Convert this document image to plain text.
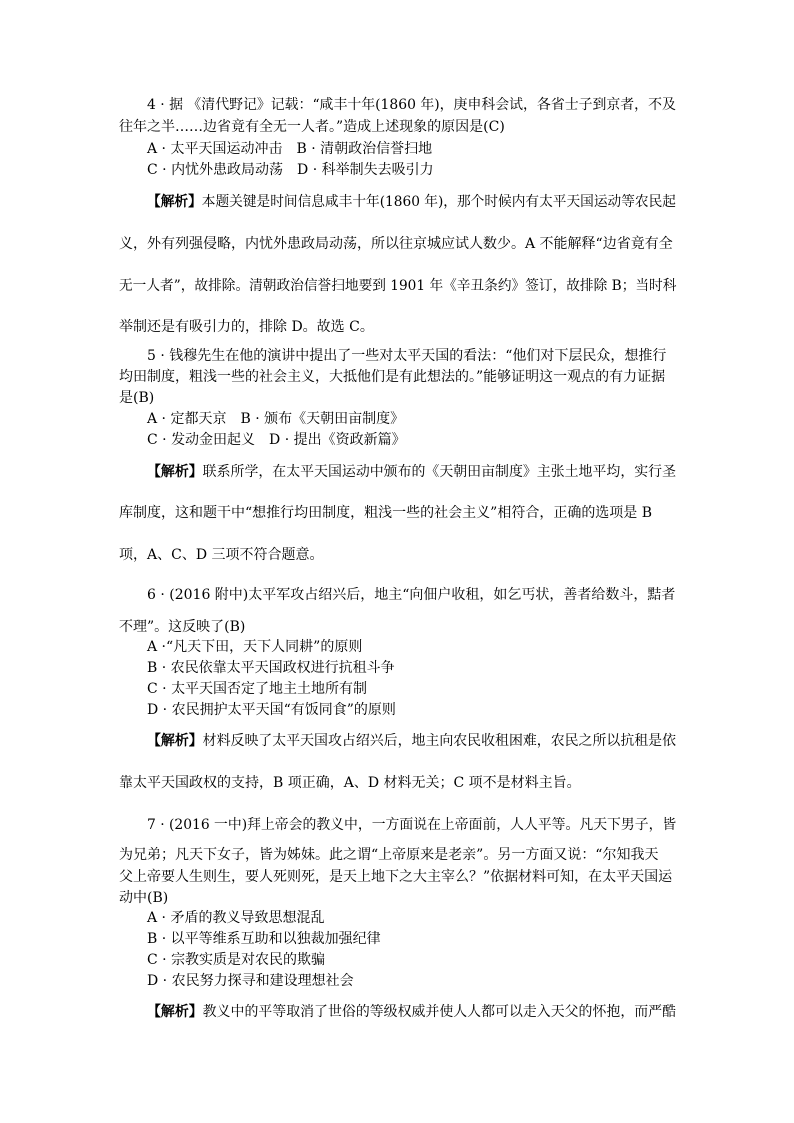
4 · 据 《清代野记》记载：“咸丰十年(1860 年)，庚申科会试，各省士子到京者，不及
往年之半……边省竟有全无一人者。”造成上述现象的原因是(C)
A · 太平天国运动冲击　B · 清朝政治信誉扫地
C · 内忧外患政局动荡　D · 科举制失去吸引力
【解析】本题关键是时间信息咸丰十年(1860 年)，那个时候内有太平天国运动等农民起
义，外有列强侵略，内忧外患政局动荡，所以往京城应试人数少。A 不能解释“边省竟有全
无一人者”，故排除。清朝政治信誉扫地要到 1901 年《辛丑条约》签订，故排除 B；当时科
举制还是有吸引力的，排除 D。故选 C。
5 · 钱穆先生在他的演讲中提出了一些对太平天国的看法：“他们对下层民众，想推行
均田制度，粗浅一些的社会主义，大抵他们是有此想法的。”能够证明这一观点的有力证据
是(B)
A · 定都天京　B · 颁布《天朝田亩制度》
C · 发动金田起义　D · 提出《资政新篇》
【解析】联系所学，在太平天国运动中颁布的《天朝田亩制度》主张土地平均，实行圣
库制度，这和题干中“想推行均田制度，粗浅一些的社会主义”相符合，正确的选项是 B
项，A、C、D 三项不符合题意。
6 · (2016 附中)太平军攻占绍兴后，地主“向佃户收租，如乞丐状，善者给数斗，黠者
不理”。这反映了(B)
A ·“凡天下田，天下人同耕”的原则
B · 农民依靠太平天国政权进行抗租斗争
C · 太平天国否定了地主土地所有制
D · 农民拥护太平天国“有饭同食”的原则
【解析】材料反映了太平天国攻占绍兴后，地主向农民收租困难，农民之所以抗租是依
靠太平天国政权的支持，B 项正确，A、D 材料无关；C 项不是材料主旨。
7 · (2016 一中)拜上帝会的教义中，一方面说在上帝面前，人人平等。凡天下男子，皆
为兄弟；凡天下女子，皆为姊妹。此之谓“上帝原来是老亲”。另一方面又说：“尔知我天
父上帝要人生则生，要人死则死，是天上地下之大主宰么？”依据材料可知，在太平天国运
动中(B)
A · 矛盾的教义导致思想混乱
B · 以平等维系互助和以独裁加强纪律
C · 宗教实质是对农民的欺骗
D · 农民努力探寻和建设理想社会
【解析】教义中的平等取消了世俗的等级权威并使人人都可以走入天父的怀抱，而严酷
